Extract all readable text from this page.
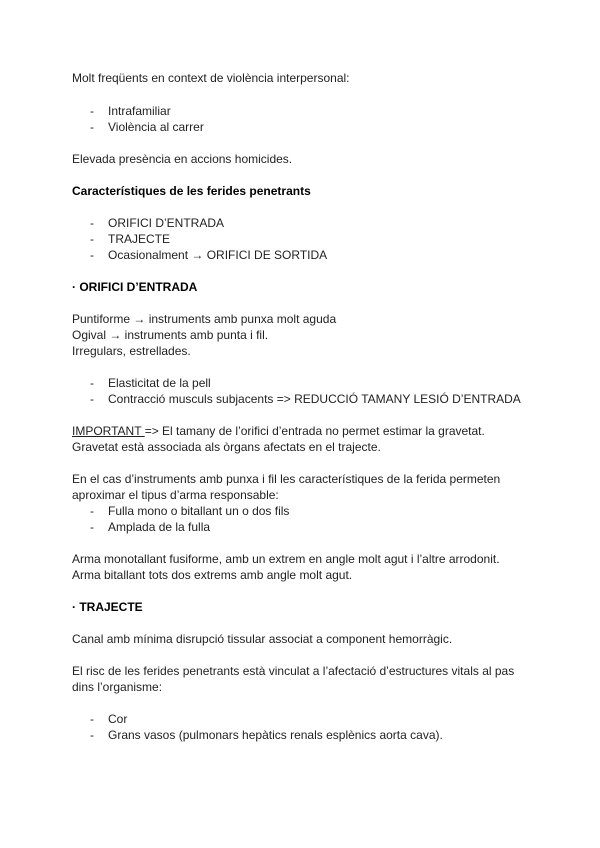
Molt freqüents en context de violència interpersonal:
- Intrafamiliar
- Violència al carrer
Elevada presència en accions homicides.
Característiques de les ferides penetrants
- ORIFICI D’ENTRADA
- TRAJECTE
- Ocasionalment → ORIFICI DE SORTIDA
· ORIFICI D’ENTRADA
Puntiforme → instruments amb punxa molt aguda
Ogival → instruments amb punta i fil.
Irregulars, estrellades.
- Elasticitat de la pell
- Contracció musculs subjacents => REDUCCIÓ TAMANY LESIÓ D’ENTRADA
IMPORTANT => El tamany de l’orifici d’entrada no permet estimar la gravetat.
Gravetat està associada als òrgans afectats en el trajecte.
En el cas d’instruments amb punxa i fil les característiques de la ferida permeten
aproximar el tipus d’arma responsable:
- Fulla mono o bitallant un o dos fils
- Amplada de la fulla
Arma monotallant fusiforme, amb un extrem en angle molt agut i l’altre arrodonit.
Arma bitallant tots dos extrems amb angle molt agut.
· TRAJECTE
Canal amb mínima disrupció tissular associat a component hemorràgic.
El risc de les ferides penetrants està vinculat a l’afectació d’estructures vitals al pas
dins l’organisme:
- Cor
- Grans vasos (pulmonars hepàtics renals esplènics aorta cava).
